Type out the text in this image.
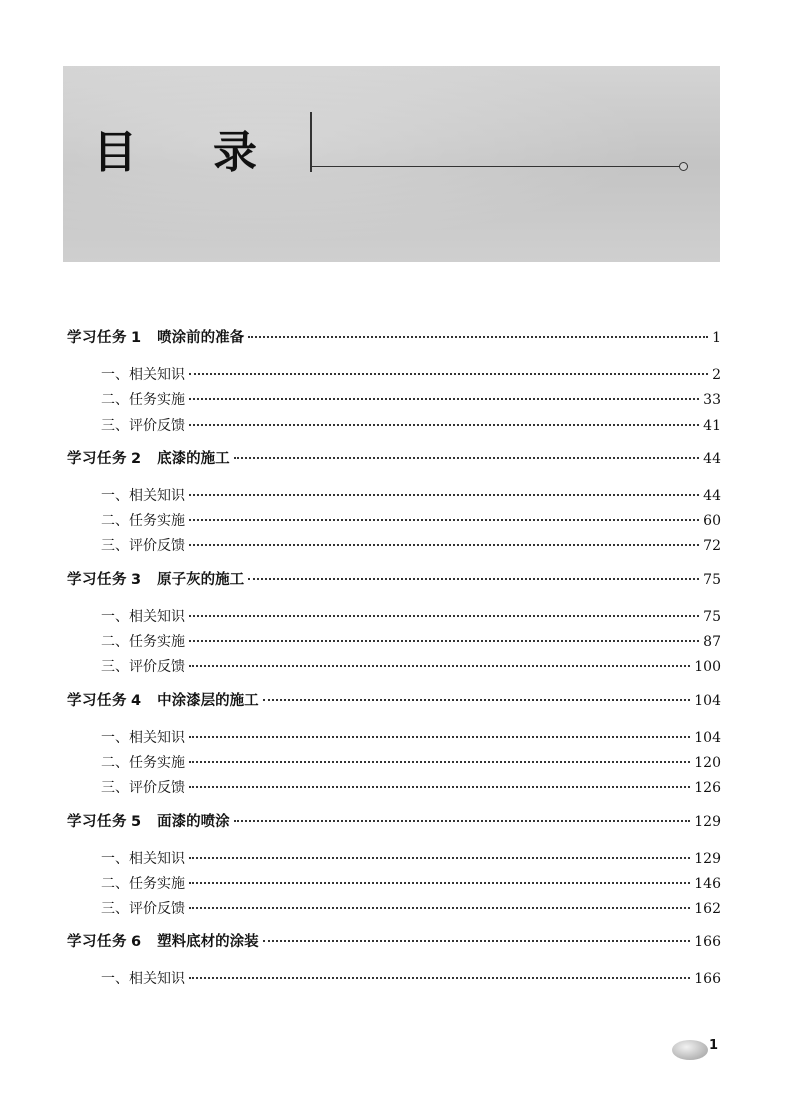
目 录
学习任务 1 喷涂前的准备	1
一、相关知识	2
二、任务实施	33
三、评价反馈	41
学习任务 2 底漆的施工	44
一、相关知识	44
二、任务实施	60
三、评价反馈	72
学习任务 3 原子灰的施工	75
一、相关知识	75
二、任务实施	87
三、评价反馈	100
学习任务 4 中涂漆层的施工	104
一、相关知识	104
二、任务实施	120
三、评价反馈	126
学习任务 5 面漆的喷涂	129
一、相关知识	129
二、任务实施	146
三、评价反馈	162
学习任务 6 塑料底材的涂装	166
一、相关知识	166
1
